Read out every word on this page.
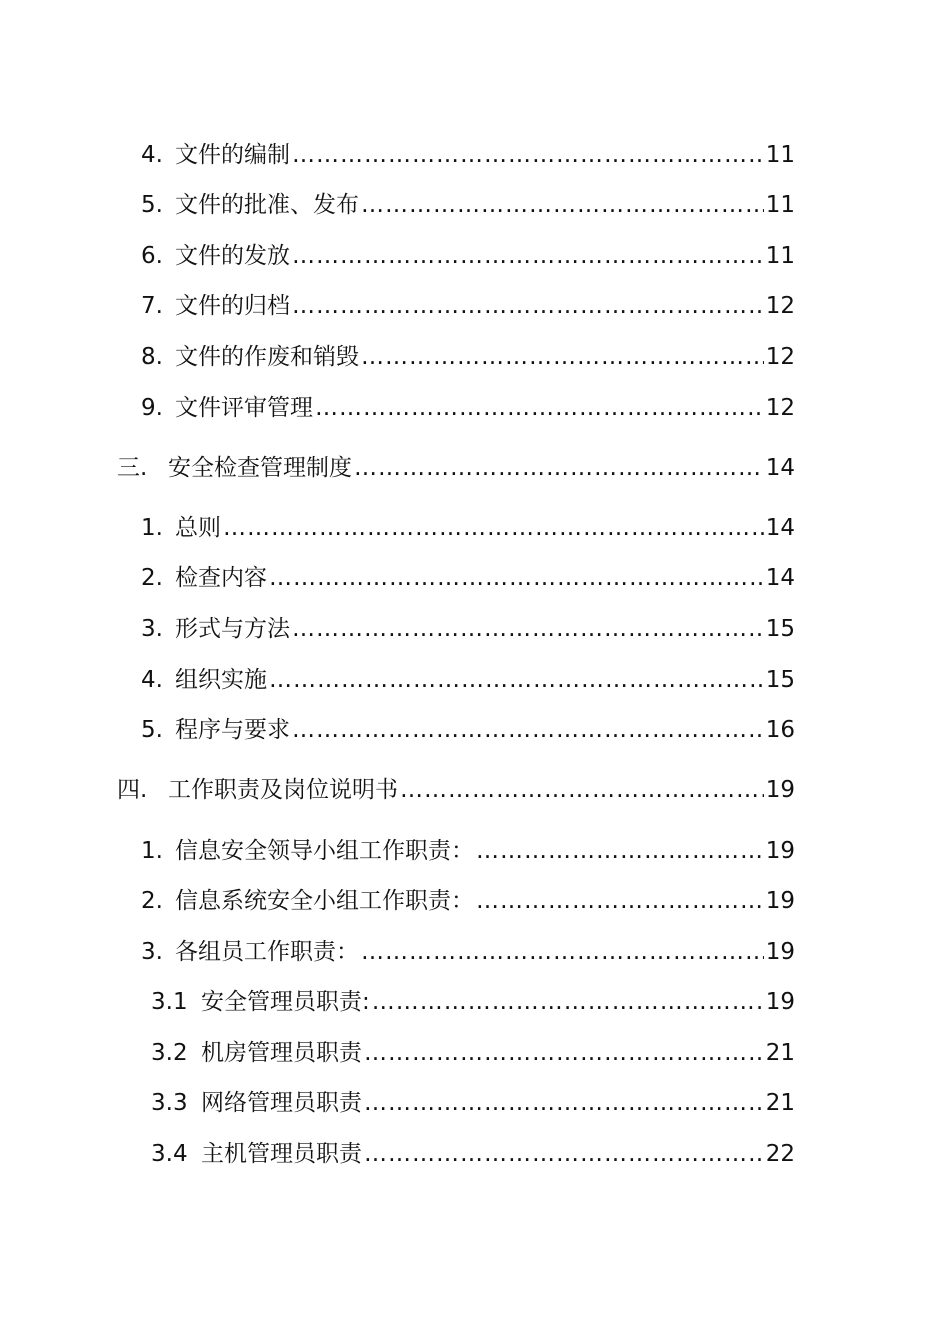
4. 文件的编制 ……………………………………………………………………………………………………………………………………………………………………………………	11
5. 文件的批准、发布 ……………………………………………………………………………………………………………………………………………………………………………………	11
6. 文件的发放 ……………………………………………………………………………………………………………………………………………………………………………………	11
7. 文件的归档 ……………………………………………………………………………………………………………………………………………………………………………………	12
8. 文件的作废和销毁 ……………………………………………………………………………………………………………………………………………………………………………………	12
9. 文件评审管理 ……………………………………………………………………………………………………………………………………………………………………………………	12
三. 安全检查管理制度 ……………………………………………………………………………………………………………………………………………………………………………………	14
1. 总则 ……………………………………………………………………………………………………………………………………………………………………………………	14
2. 检查内容 ……………………………………………………………………………………………………………………………………………………………………………………	14
3. 形式与方法 ……………………………………………………………………………………………………………………………………………………………………………………	15
4. 组织实施 ……………………………………………………………………………………………………………………………………………………………………………………	15
5. 程序与要求 ……………………………………………………………………………………………………………………………………………………………………………………	16
四. 工作职责及岗位说明书 ……………………………………………………………………………………………………………………………………………………………………………………	19
1. 信息安全领导小组工作职责： ……………………………………………………………………………………………………………………………………………………………………………………	19
2. 信息系统安全小组工作职责： ……………………………………………………………………………………………………………………………………………………………………………………	19
3. 各组员工作职责： ……………………………………………………………………………………………………………………………………………………………………………………	19
3.1 安全管理员职责: ……………………………………………………………………………………………………………………………………………………………………………………	19
3.2 机房管理员职责 ……………………………………………………………………………………………………………………………………………………………………………………	21
3.3 网络管理员职责 ……………………………………………………………………………………………………………………………………………………………………………………	21
3.4 主机管理员职责 ……………………………………………………………………………………………………………………………………………………………………………………	22
